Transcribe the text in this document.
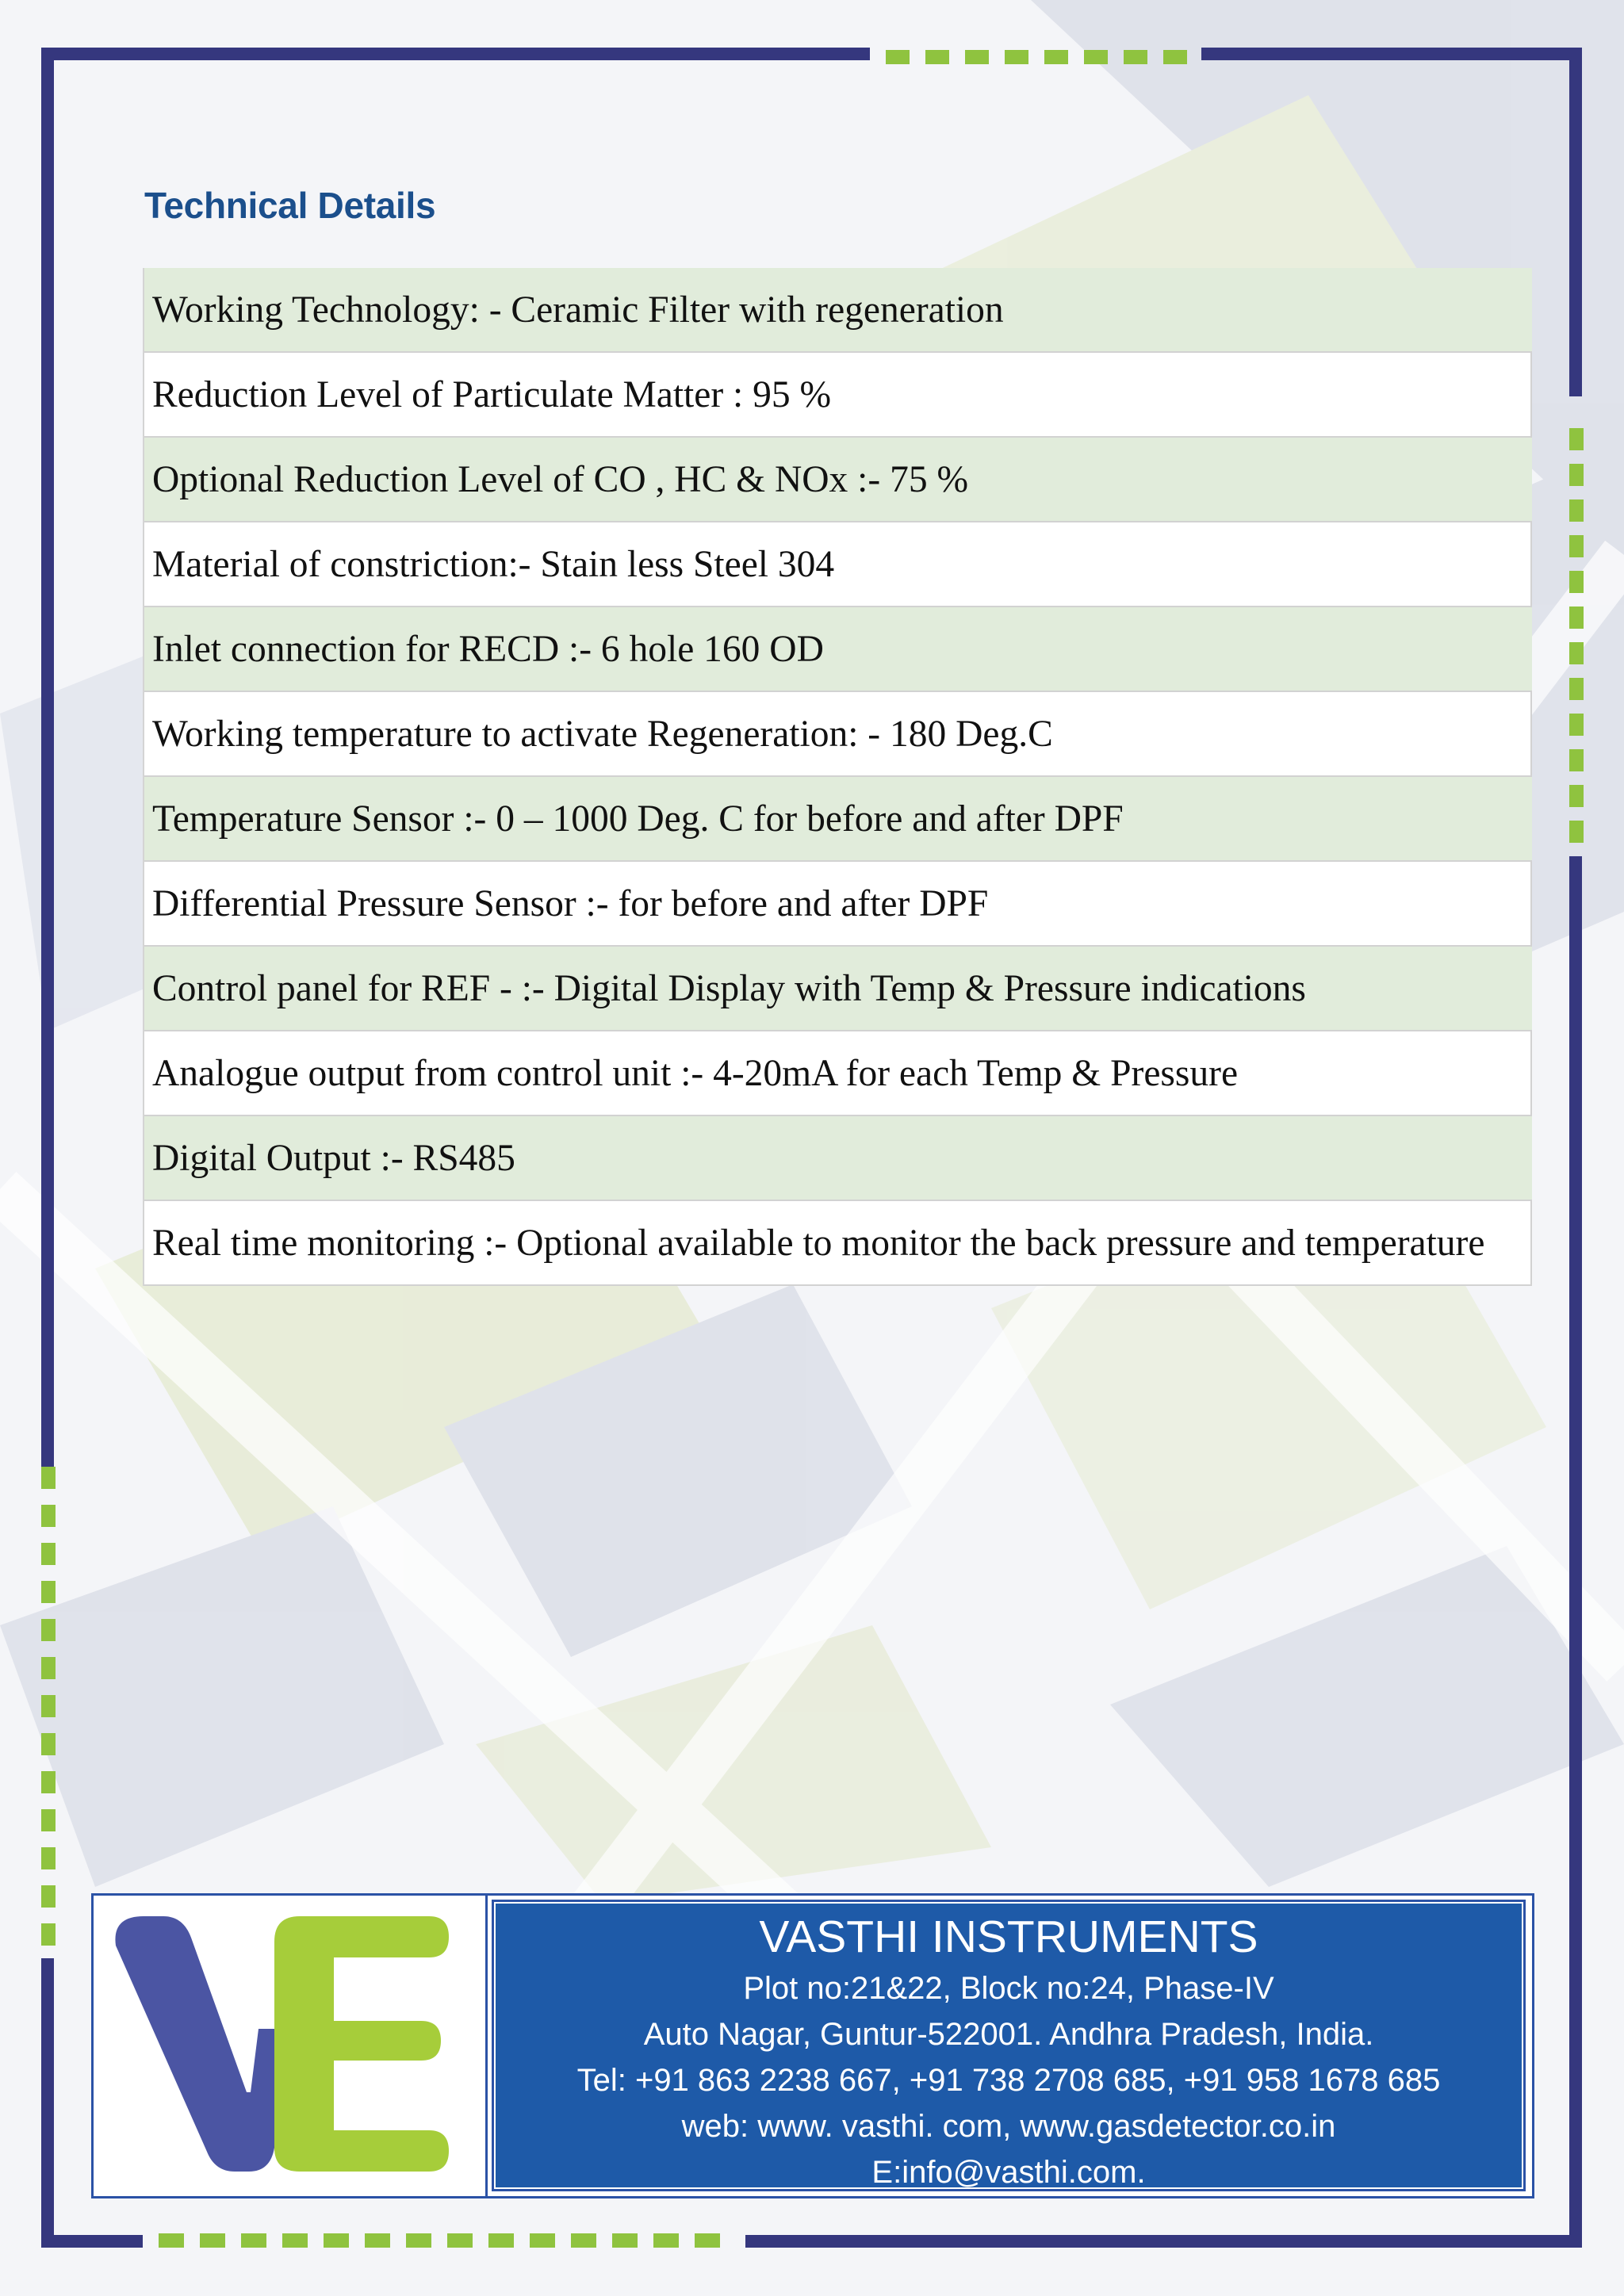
Technical Details
Working Technology: - Ceramic Filter with regeneration
Reduction Level of Particulate Matter : 95 %
Optional Reduction Level of CO , HC & NOx :- 75 %
Material of constriction:- Stain less Steel 304
Inlet connection for RECD :- 6 hole 160 OD
Working temperature to activate Regeneration: - 180 Deg.C
Temperature Sensor :- 0 – 1000 Deg. C for before and after DPF
Differential Pressure Sensor :- for before and after DPF
Control panel for REF - :- Digital Display with Temp & Pressure indications
Analogue output from control unit :- 4-20mA for each Temp & Pressure
Digital Output :- RS485
Real time monitoring :- Optional available to monitor the back pressure and temperature
VASTHI INSTRUMENTS
Plot no:21&22, Block no:24, Phase-IV
Auto Nagar, Guntur-522001. Andhra Pradesh, India.
Tel: +91 863 2238 667, +91 738 2708 685, +91 958 1678 685
web: www. vasthi. com, www.gasdetector.co.in
E:info@vasthi.com.
